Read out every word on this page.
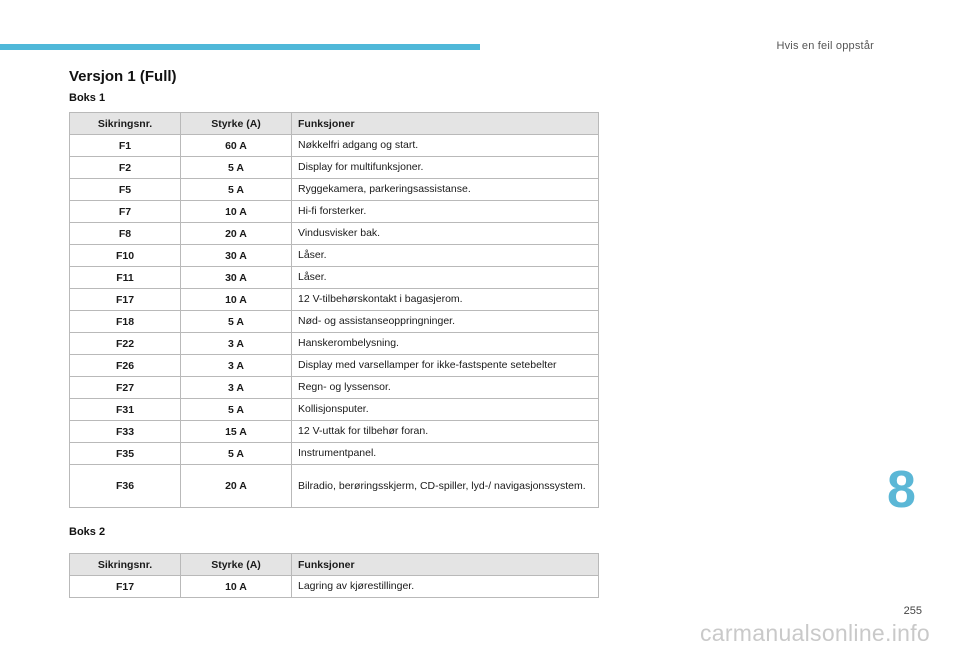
Hvis en feil oppstår
Versjon 1 (Full)
Boks 1
Sikringsnr.	Styrke (A)	Funksjoner
F1	60 A	Nøkkelfri adgang og start.
F2	5 A	Display for multifunksjoner.
F5	5 A	Ryggekamera, parkeringsassistanse.
F7	10 A	Hi-fi forsterker.
F8	20 A	Vindusvisker bak.
F10	30 A	Låser.
F11	30 A	Låser.
F17	10 A	12 V-tilbehørskontakt i bagasjerom.
F18	5 A	Nød- og assistanseoppringninger.
F22	3 A	Hanskerombelysning.
F26	3 A	Display med varsellamper for ikke-fastspente setebelter
F27	3 A	Regn- og lyssensor.
F31	5 A	Kollisjonsputer.
F33	15 A	12 V-uttak for tilbehør foran.
F35	5 A	Instrumentpanel.
F36	20 A	Bilradio, berøringsskjerm, CD-spiller, lyd-/ navigasjonssystem.
Boks 2
Sikringsnr.	Styrke (A)	Funksjoner
F17	10 A	Lagring av kjørestillinger.
8
255
carmanualsonline.info
